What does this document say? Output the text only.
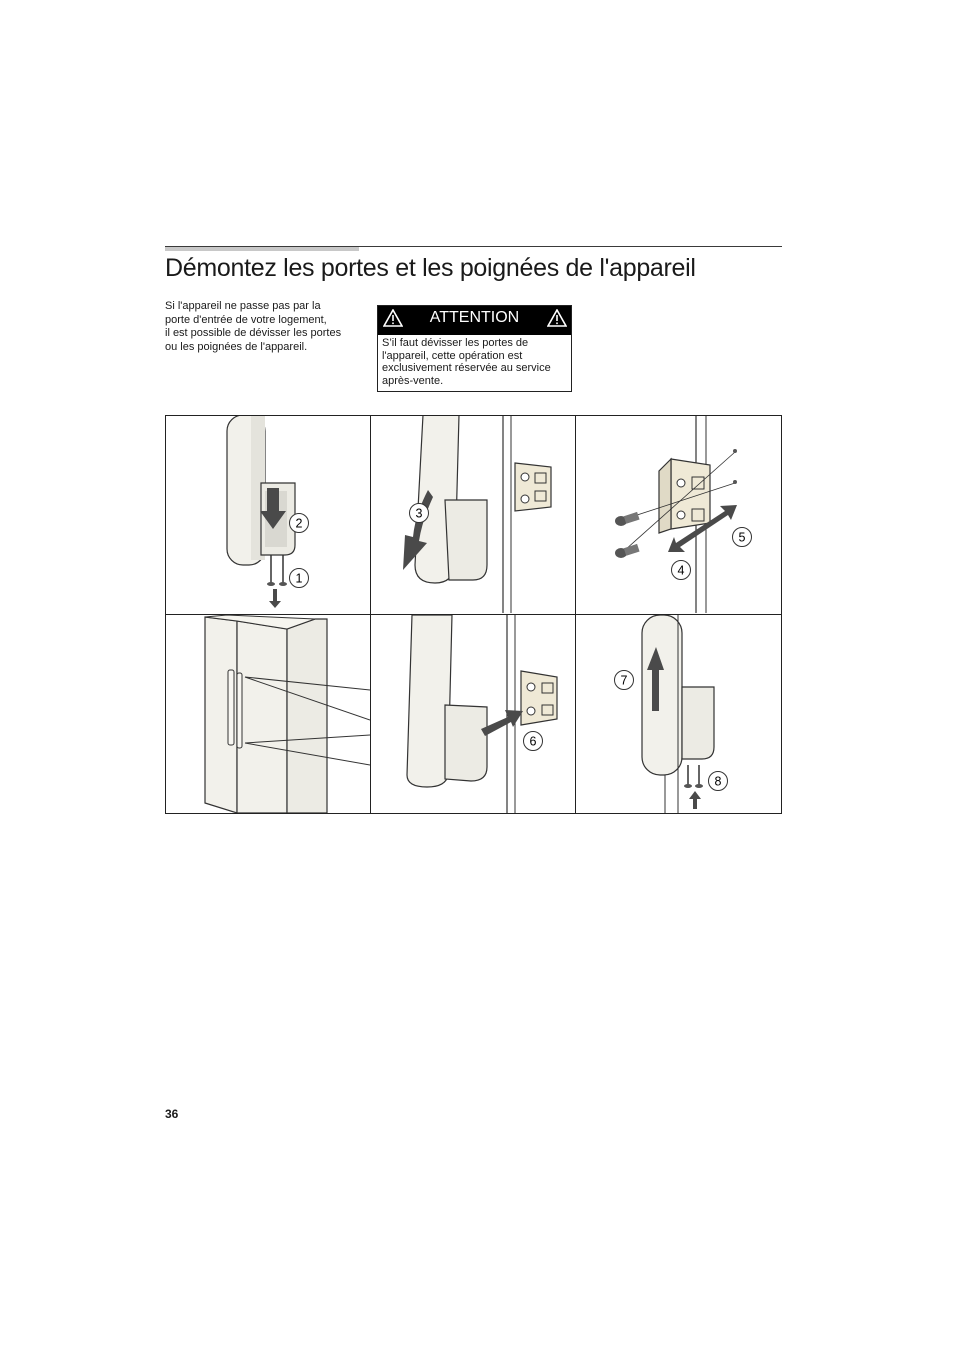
Démontez les portes et les poignées de l'appareil
Si l'appareil ne passe pas par la
porte d'entrée de votre logement,
il est possible de dévisser les portes
ou les poignées de l'appareil.
ATTENTION
S’il faut dévisser les portes de
l'appareil, cette opération est
exclusivement réservée au service
après-vente.
1
2
3
4
5
6
7
8
36
